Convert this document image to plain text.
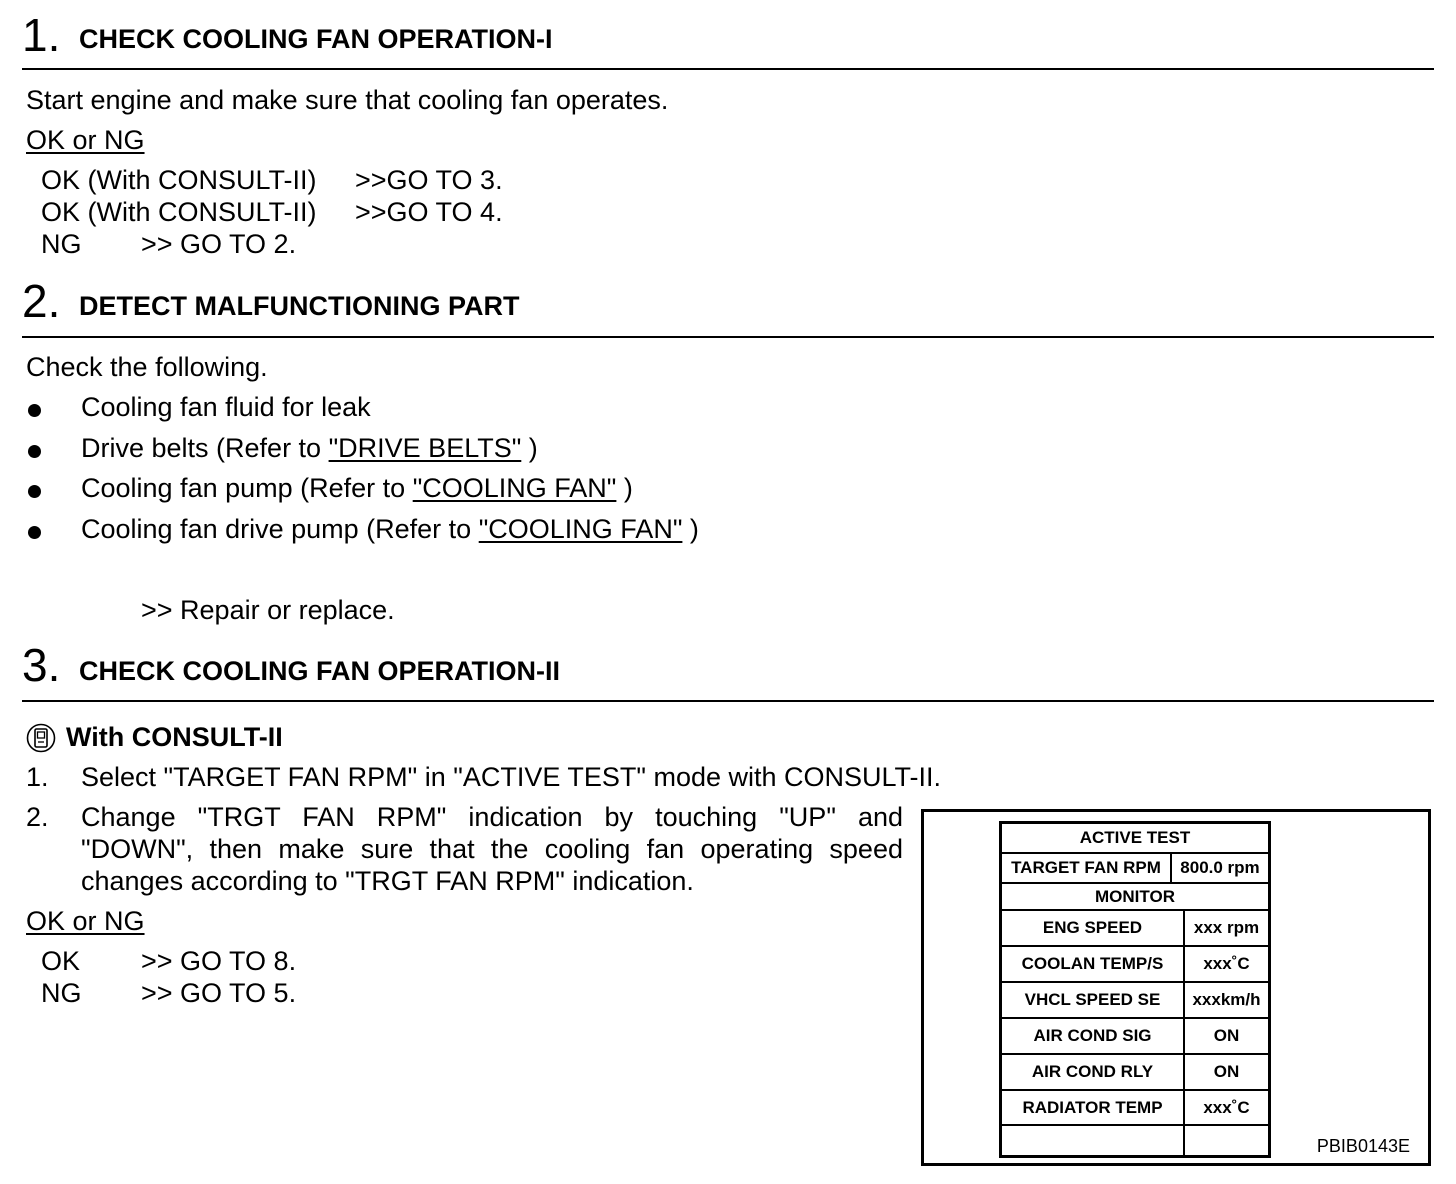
1. CHECK COOLING FAN OPERATION-I
Start engine and make sure that cooling fan operates.
OK or NG
OK (With CONSULT-II) >>GO TO 3.
OK (With CONSULT-II) >>GO TO 4.
NG >> GO TO 2.
2. DETECT MALFUNCTIONING PART
Check the following.
Cooling fan fluid for leak
Drive belts (Refer to "DRIVE BELTS" )
Cooling fan pump (Refer to "COOLING FAN" )
Cooling fan drive pump (Refer to "COOLING FAN" )
>> Repair or replace.
3. CHECK COOLING FAN OPERATION-II
With CONSULT-II
1. Select "TARGET FAN RPM" in "ACTIVE TEST" mode with CONSULT-II.
2. Change "TRGT FAN RPM" indication by touching "UP" and "DOWN", then make sure that the cooling fan operating speed changes according to "TRGT FAN RPM" indication.
OK or NG
OK >> GO TO 8.
NG >> GO TO 5.
ACTIVE TEST
TARGET FAN RPM	800.0 rpm
MONITOR
ENG SPEED	xxx rpm
COOLAN TEMP/S	xxx˚C
VHCL SPEED SE	xxxkm/h
AIR COND SIG	ON
AIR COND RLY	ON
RADIATOR TEMP	xxx˚C
PBIB0143E
